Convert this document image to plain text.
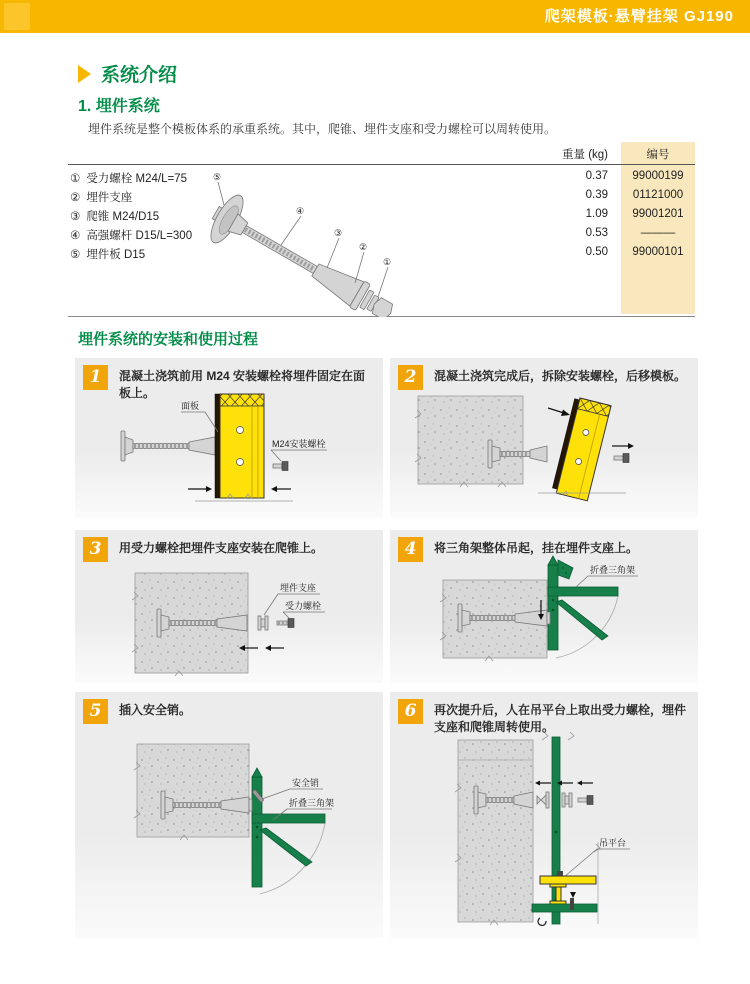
爬架模板·悬臂挂架 GJ190
系统介绍
1. 埋件系统
埋件系统是整个模板体系的承重系统。其中，爬锥、埋件支座和受力螺栓可以周转使用。
重量 (kg)	编号
① 受力螺栓 M24/L=75	0.37	99000199
② 埋件支座	0.39	01121000
③ 爬锥 M24/D15	1.09	99001201
④ 高强螺杆 D15/L=300	0.53	———
⑤ 埋件板 D15	0.50	99000101
⑤
④
③
②
①
埋件系统的安装和使用过程
面板
M24安装螺栓
1	混凝土浇筑前用 M24 安装螺栓将埋件固定在面板上。
2	混凝土浇筑完成后，拆除安装螺栓，后移模板。
埋件支座
受力螺栓
3	用受力螺栓把埋件支座安装在爬锥上。
折叠三角架
4	将三角架整体吊起，挂在埋件支座上。
安全销
折叠三角架
5	插入安全销。
吊平台
6	再次提升后，人在吊平台上取出受力螺栓，埋件支座和爬锥周转使用。
